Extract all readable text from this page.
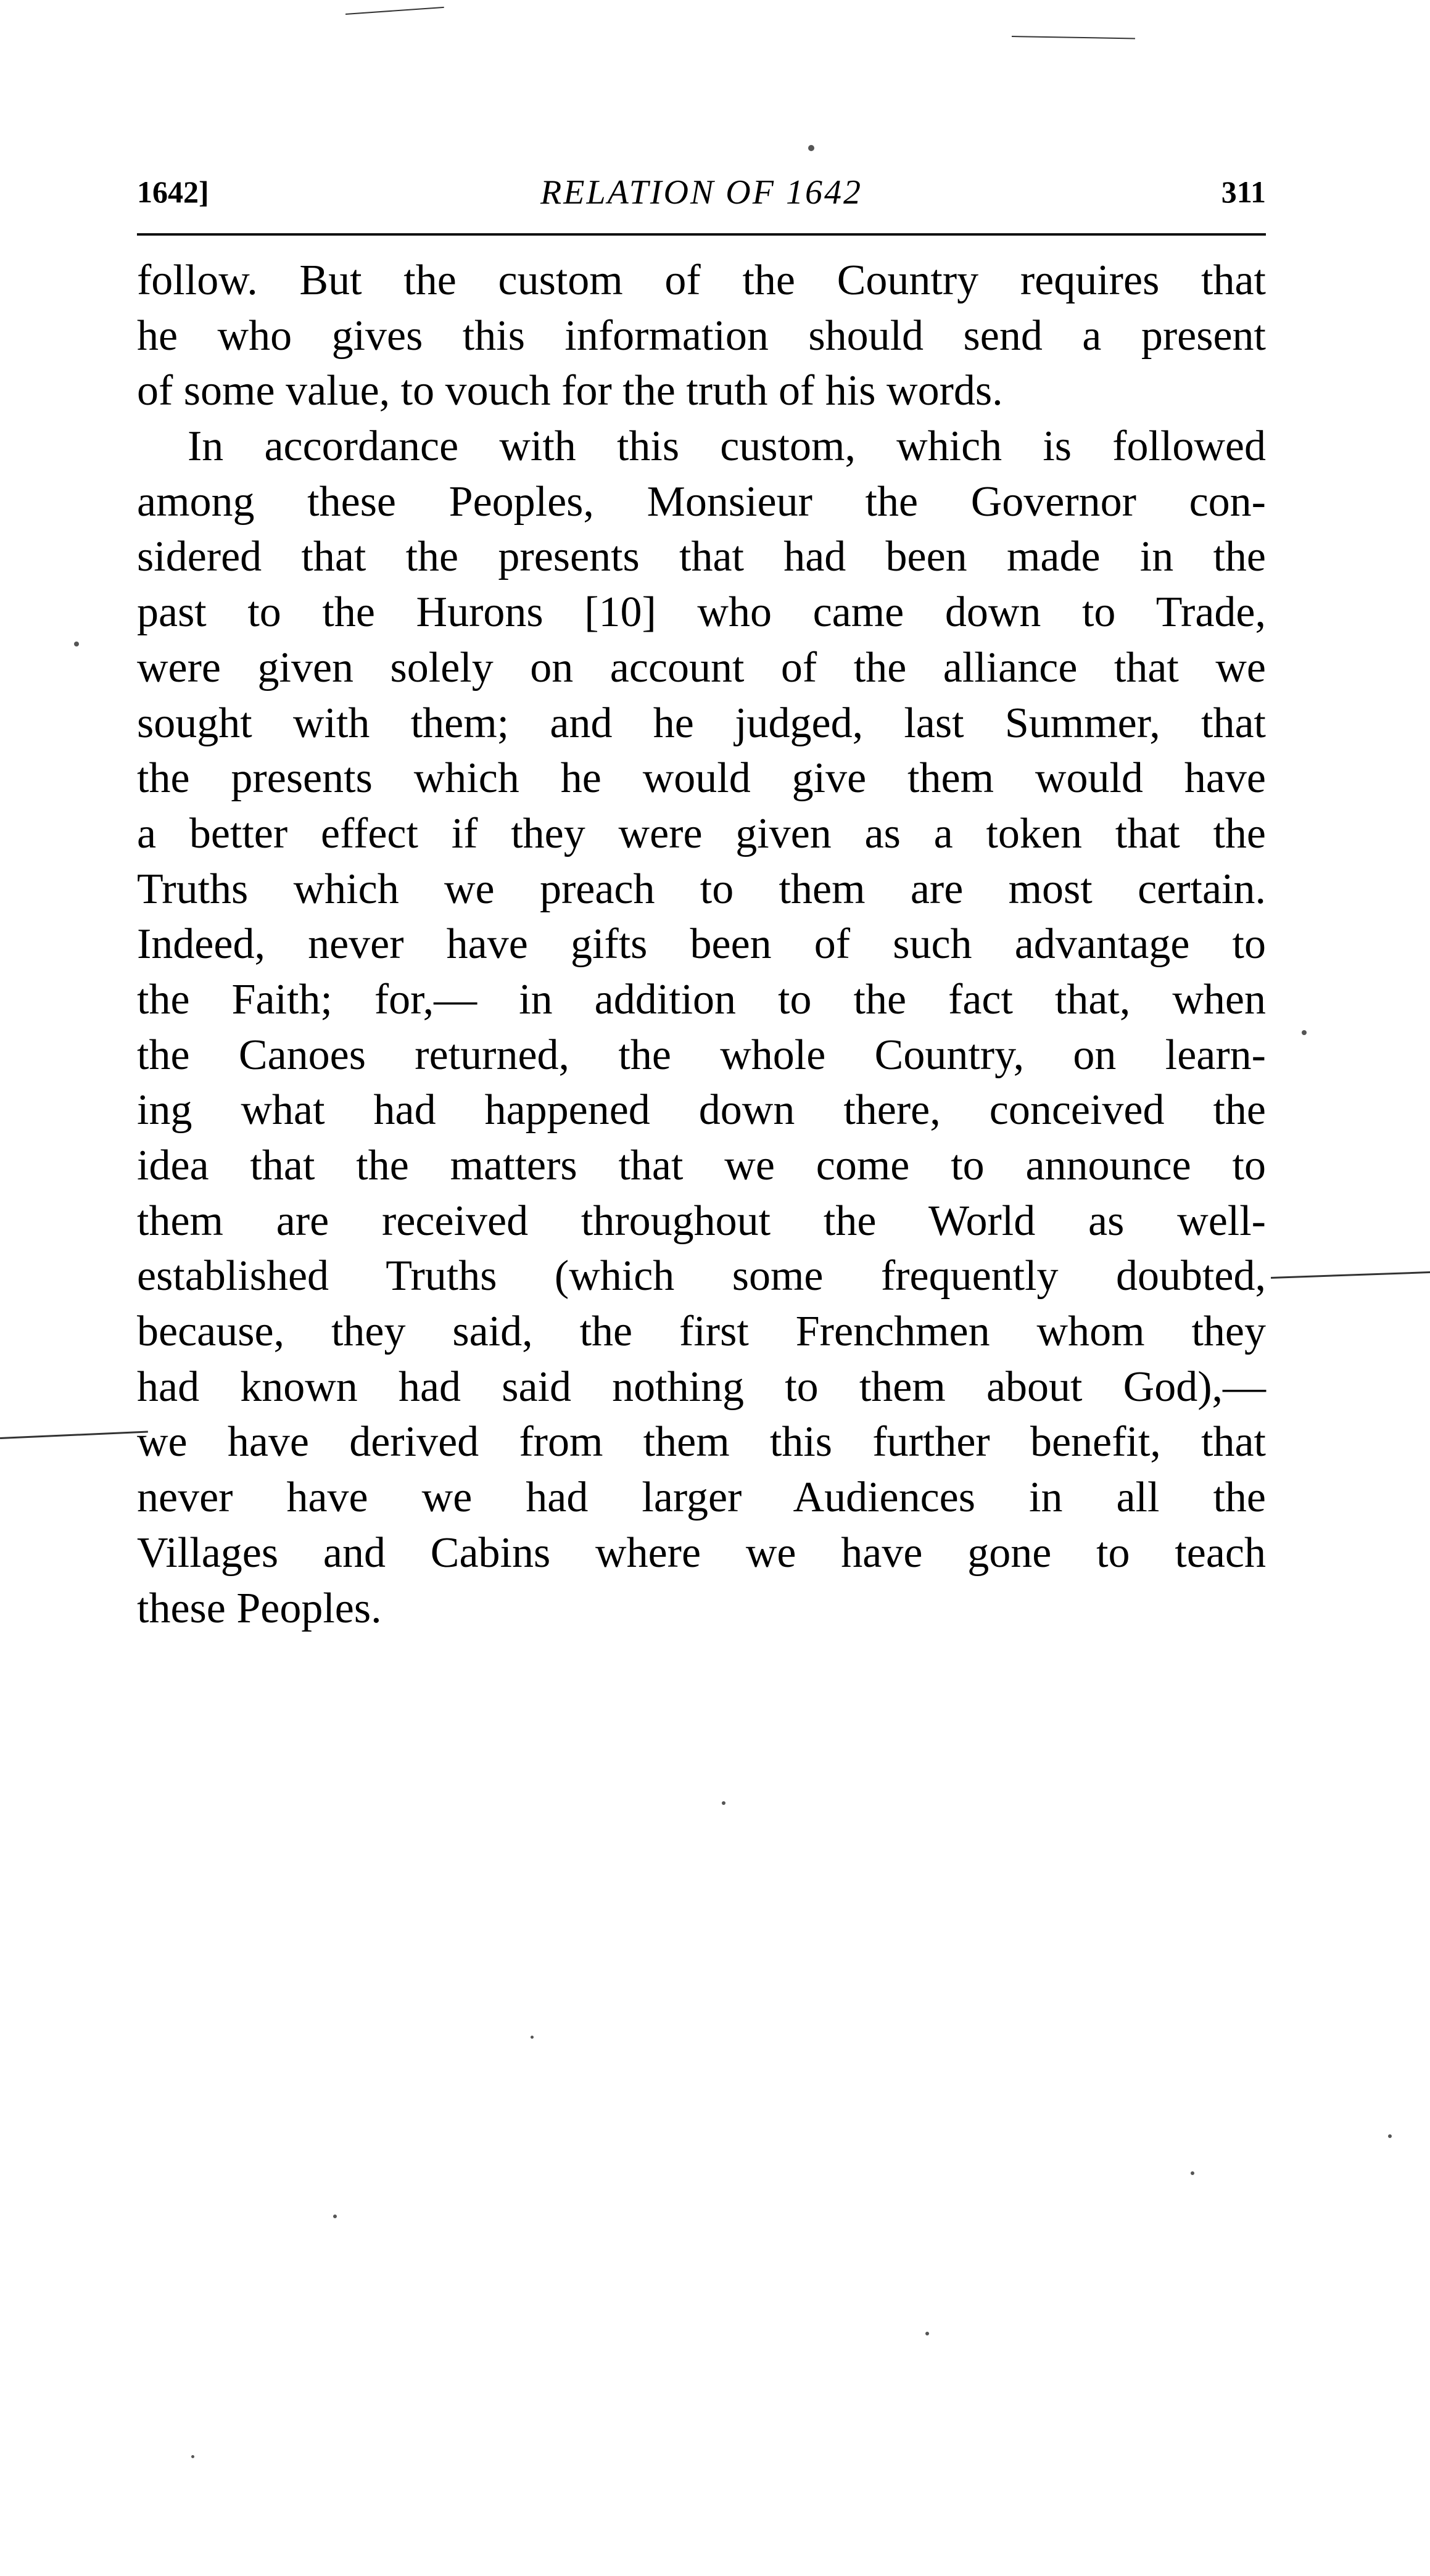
1642]	RELATION OF 1642	311
follow. But the custom of the Country requires that
he who gives this information should send a present
of some value, to vouch for the truth of his words.
In accordance with this custom, which is followed
among these Peoples, Monsieur the Governor con-
sidered that the presents that had been made in the
past to the Hurons [10] who came down to Trade,
were given solely on account of the alliance that we
sought with them; and he judged, last Summer, that
the presents which he would give them would have
a better effect if they were given as a token that the
Truths which we preach to them are most certain.
Indeed, never have gifts been of such advantage to
the Faith; for,— in addition to the fact that, when
the Canoes returned, the whole Country, on learn-
ing what had happened down there, conceived the
idea that the matters that we come to announce to
them are received throughout the World as well-
established Truths (which some frequently doubted,
because, they said, the first Frenchmen whom they
had known had said nothing to them about God),—
we have derived from them this further benefit, that
never have we had larger Audiences in all the
Villages and Cabins where we have gone to teach
these Peoples.
